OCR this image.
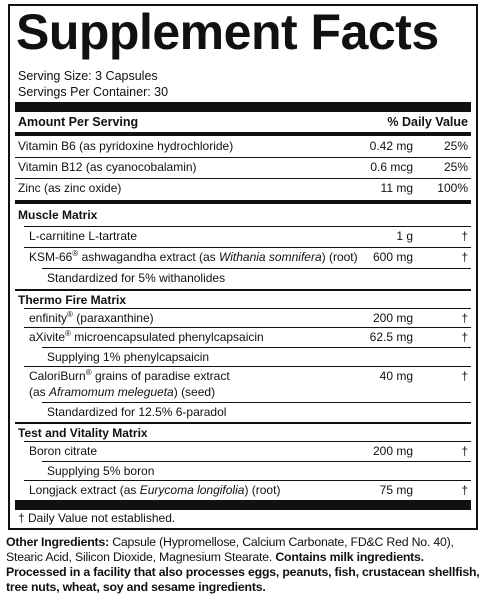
Supplement Facts
Serving Size: 3 Capsules
Servings Per Container: 30
Amount Per Serving	% Daily Value
Vitamin B6 (as pyridoxine hydrochloride)	0.42 mg	25%
Vitamin B12 (as cyanocobalamin)	0.6 mcg	25%
Zinc (as zinc oxide)	11 mg 100%
Muscle Matrix
L-carnitine L-tartrate	1 g	†
KSM-66® ashwagandha extract (as Withania somnifera) (root) 600 mg	†
Standardized for 5% withanolides
Thermo Fire Matrix
enfinity® (paraxanthine)	200 mg	†
aXivite® microencapsulated phenylcapsaicin	62.5 mg	†
Supplying 1% phenylcapsaicin
CaloriBurn® grains of paradise extract
(as Aframomum melegueta) (seed)
40 mg	†
Standardized for 12.5% 6-paradol
Test and Vitality Matrix
Boron citrate	200 mg	†
Supplying 5% boron
Longjack extract (as Eurycoma longifolia) (root)	75 mg	†
† Daily Value not established.
Other Ingredients: Capsule (Hypromellose, Calcium Carbonate, FD&C Red No. 40), Stearic Acid, Silicon Dioxide, Magnesium Stearate. Contains milk ingredients. Processed in a facility that also processes eggs, peanuts, fish, crustacean shellfish, tree nuts, wheat, soy and sesame ingredients.
